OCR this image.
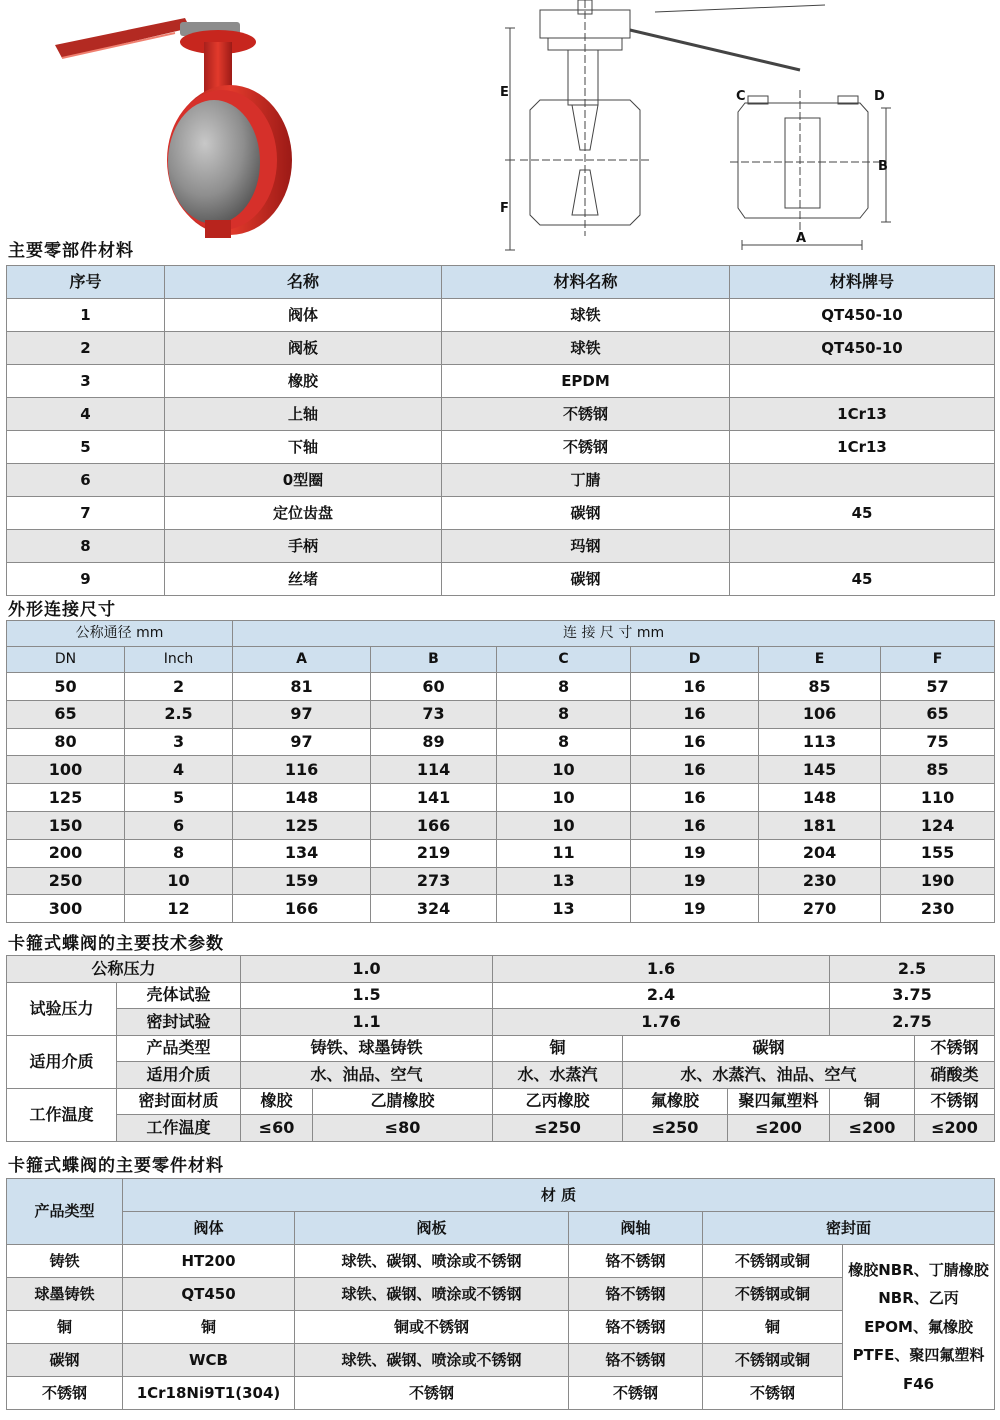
E
F
C	D
B
A
主要零部件材料
序号	名称	材料名称	材料牌号
1	阀体	球铁	QT450-10
2	阀板	球铁	QT450-10
3	橡胶	EPDM	
4	上轴	不锈钢	1Cr13
5	下轴	不锈钢	1Cr13
6	0型圈	丁腈	
7	定位齿盘	碳钢	45
8	手柄	玛钢	
9	丝堵	碳钢	45
外形连接尺寸
公称通径 mm		连 接 尺 寸 mm					
DN	Inch	A	B	C	D	E	F
50	2	81	60	8	16	85	57
65	2.5	97	73	8	16	106	65
80	3	97	89	8	16	113	75
100	4	116	114	10	16	145	85
125	5	148	141	10	16	148	110
150	6	125	166	10	16	181	124
200	8	134	219	11	19	204	155
250	10	159	273	13	19	230	190
300	12	166	324	13	19	270	230
卡箍式蝶阀的主要技术参数
公称压力		1.0		1.6			2.5	
试验压力	壳体试验	1.5		2.4			3.75	
	密封试验	1.1		1.76			2.75	
适用介质	产品类型	铸铁、球墨铸铁		铜	碳钢			不锈钢
	适用介质	水、油品、空气		水、水蒸汽	水、水蒸汽、油品、空气			硝酸类
工作温度	密封面材质	橡胶	乙腈橡胶	乙丙橡胶	氟橡胶	聚四氟塑料	铜	不锈钢
	工作温度	≤60	≤80	≤250	≤250	≤200	≤200	≤200
卡箍式蝶阀的主要零件材料
产品类型	材 质				
	阀体	阀板	阀轴	密封面	
铸铁	HT200	球铁、碳钢、喷涂或不锈钢	铬不锈钢	不锈钢或铜	橡胶NBR、丁腈橡胶NBR、乙丙EPOM、氟橡胶PTFE、聚四氟塑料F46
球墨铸铁	QT450	球铁、碳钢、喷涂或不锈钢	铬不锈钢	不锈钢或铜	
铜	铜	铜或不锈钢	铬不锈钢	铜	
碳钢	WCB	球铁、碳钢、喷涂或不锈钢	铬不锈钢	不锈钢或铜	
不锈钢	1Cr18Ni9T1(304)	不锈钢	不锈钢	不锈钢	
